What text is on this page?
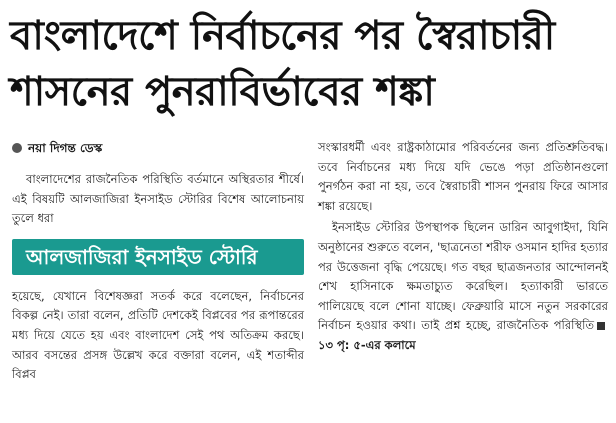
বাংলাদেশে নির্বাচনের পর স্বৈরাচারী
শাসনের পুনরাবির্ভাবের শঙ্কা
নয়া দিগন্ত ডেস্ক

বাংলাদেশের রাজনৈতিক পরিস্থিতি বর্তমানে অস্থিরতার শীর্ষে। এই বিষয়টি আলজাজিরা ইনসাইড স্টোরির বিশেষ আলোচনায় তুলে ধরা

আলজাজিরা ইনসাইড স্টোরি

হয়েছে, যেখানে বিশেষজ্ঞরা সতর্ক করে বলেছেন, নির্বাচনের বিকল্প নেই। তারা বলেন, প্রতিটি দেশকেই বিপ্লবের পর রূপান্তরের মধ্য দিয়ে যেতে হয় এবং বাংলাদেশ সেই পথ অতিক্রম করছে। আরব বসন্তের প্রসঙ্গ উল্লেখ করে বক্তারা বলেন, এই শতাব্দীর বিপ্লব

সংস্কারধর্মী এবং রাষ্ট্রকাঠামোর পরিবর্তনের জন্য প্রতিশ্রুতিবদ্ধ। তবে নির্বাচনের মধ্য দিয়ে যদি ভেঙে পড়া প্রতিষ্ঠানগুলো পুনর্গঠন করা না হয়, তবে স্বৈরাচারী শাসন পুনরায় ফিরে আসার শঙ্কা রয়েছে।

ইনসাইড স্টোরির উপস্থাপক ছিলেন ডারিন আবুগাইদা, যিনি অনুষ্ঠানের শুরুতে বলেন, 'ছাত্রনেতা শরীফ ওসমান হাদির হত্যার পর উত্তেজনা বৃদ্ধি পেয়েছে। গত বছর ছাত্রজনতার আন্দোলনই শেখ হাসিনাকে ক্ষমতাচ্যুত করেছিল। হত্যাকারী ভারতে পালিয়েছে বলে শোনা যাচ্ছে। ফেব্রুয়ারি মাসে নতুন সরকারের নির্বাচন হওয়ার কথা। তাই প্রশ্ন হচ্ছে, রাজনৈতিক পরিস্থিতি১৩ পৃ: ৫-এর কলামে
